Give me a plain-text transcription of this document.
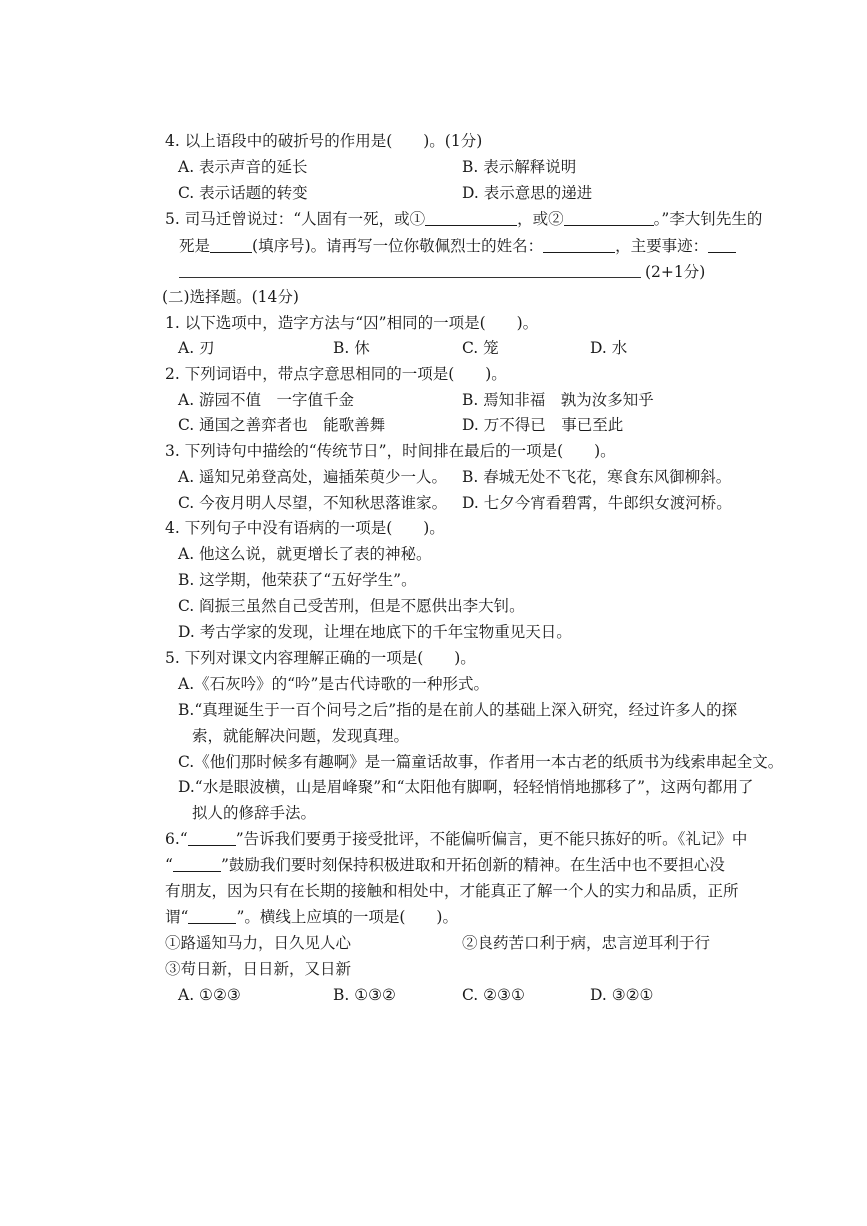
4. 以上语段中的破折号的作用是(　　)。(1分)
A. 表示声音的延长	B. 表示解释说明
C. 表示话题的转变	D. 表示意思的递进
5. 司马迁曾说过：“人固有一死，或①	，或②	。”李大钊先生的
死是	(填序号)。请再写一位你敬佩烈士的姓名：	，主要事迹：
(2+1分)
(二)选择题。(14分)
1. 以下选项中，造字方法与“囚”相同的一项是(　　)。
A. 刃	B. 休	C. 笼	D. 水
2. 下列词语中，带点字意思相同的一项是(　　)。
A. 游园不值　一字值千金	B. 焉知非福　孰为汝多知乎
C. 通国之善弈者也　能歌善舞	D. 万不得已　事已至此
3. 下列诗句中描绘的“传统节日”，时间排在最后的一项是(　　)。
A. 遥知兄弟登高处，遍插茱萸少一人。 B. 春城无处不飞花，寒食东风御柳斜。
C. 今夜月明人尽望，不知秋思落谁家。 D. 七夕今宵看碧霄，牛郎织女渡河桥。
4. 下列句子中没有语病的一项是(　　)。
A. 他这么说，就更增长了表的神秘。
B. 这学期，他荣获了“五好学生”。
C. 阎振三虽然自己受苦刑，但是不愿供出李大钊。
D. 考古学家的发现，让埋在地底下的千年宝物重见天日。
5. 下列对课文内容理解正确的一项是(　　)。
A.《石灰吟》的“吟”是古代诗歌的一种形式。
B.“真理诞生于一百个问号之后”指的是在前人的基础上深入研究，经过许多人的探
索，就能解决问题，发现真理。
C.《他们那时候多有趣啊》是一篇童话故事，作者用一本古老的纸质书为线索串起全文。
D.“水是眼波横，山是眉峰聚”和“太阳他有脚啊，轻轻悄悄地挪移了”，这两句都用了
拟人的修辞手法。
6.“	”告诉我们要勇于接受批评，不能偏听偏言，更不能只拣好的听。《礼记》中
“	”鼓励我们要时刻保持积极进取和开拓创新的精神。在生活中也不要担心没
有朋友，因为只有在长期的接触和相处中，才能真正了解一个人的实力和品质，正所
谓“	”。横线上应填的一项是(　　)。
①路遥知马力，日久见人心	②良药苦口利于病，忠言逆耳利于行
③苟日新，日日新，又日新
A. ①②③	B. ①③②	C. ②③①	D. ③②①
